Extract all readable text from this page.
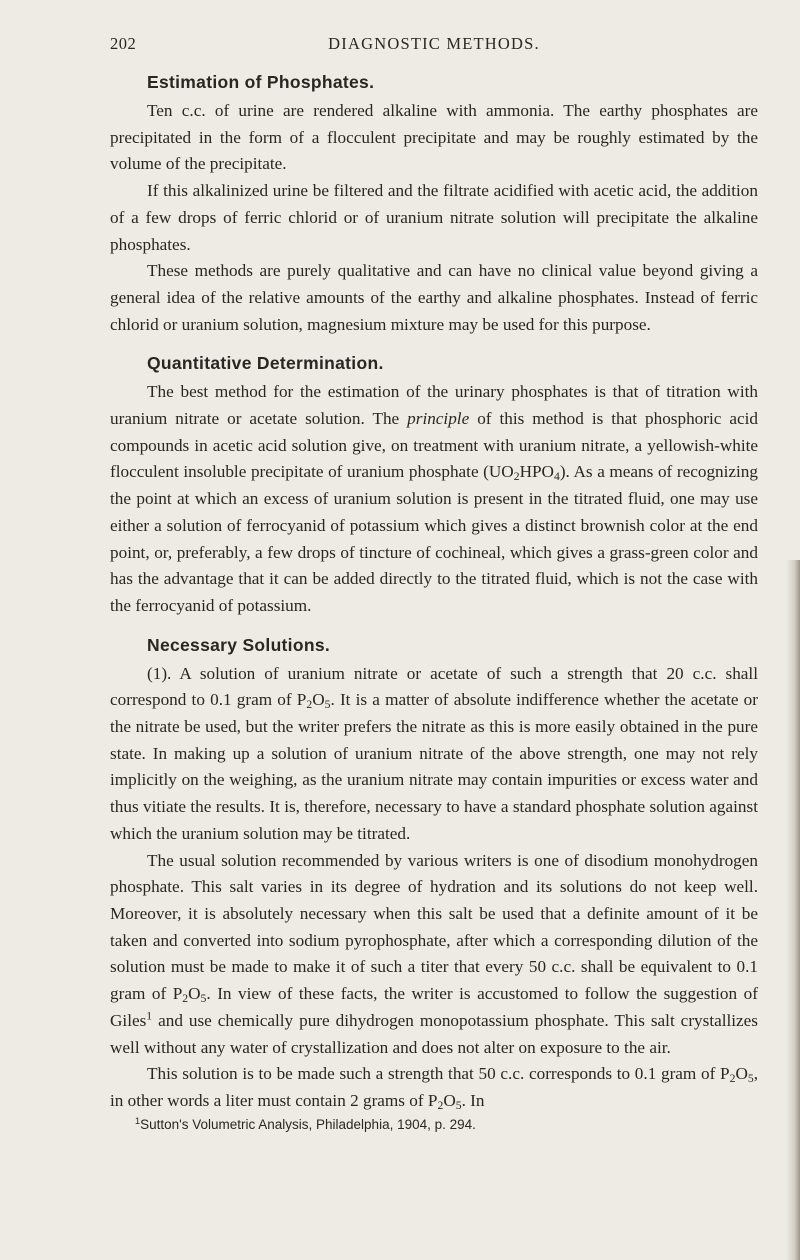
202	DIAGNOSTIC METHODS.
Estimation of Phosphates.

Ten c.c. of urine are rendered alkaline with ammonia. The earthy phosphates are precipitated in the form of a flocculent precipitate and may be roughly estimated by the volume of the precipitate.

If this alkalinized urine be filtered and the filtrate acidified with acetic acid, the addition of a few drops of ferric chlorid or of uranium nitrate solution will precipitate the alkaline phosphates.

These methods are purely qualitative and can have no clinical value beyond giving a general idea of the relative amounts of the earthy and alkaline phosphates. Instead of ferric chlorid or uranium solution, magnesium mixture may be used for this purpose.

Quantitative Determination.

The best method for the estimation of the urinary phosphates is that of titration with uranium nitrate or acetate solution. The principle of this method is that phosphoric acid compounds in acetic acid solution give, on treatment with uranium nitrate, a yellowish-white flocculent insoluble precipitate of uranium phosphate $(UO_2HPO_4)$. As a means of recognizing the point at which an excess of uranium solution is present in the titrated fluid, one may use either a solution of ferrocyanid of potassium which gives a distinct brownish color at the end point, or, preferably, a few drops of tincture of cochineal, which gives a grass-green color and has the advantage that it can be added directly to the titrated fluid, which is not the case with the ferrocyanid of potassium.

Necessary Solutions.

(1). A solution of uranium nitrate or acetate of such a strength that 20 c.c. shall correspond to 0.1 gram of $P_2O_5$. It is a matter of absolute indifference whether the acetate or the nitrate be used, but the writer prefers the nitrate as this is more easily obtained in the pure state. In making up a solution of uranium nitrate of the above strength, one may not rely implicitly on the weighing, as the uranium nitrate may contain impurities or excess water and thus vitiate the results. It is, therefore, necessary to have a standard phosphate solution against which the uranium solution may be titrated.

The usual solution recommended by various writers is one of disodium monohydrogen phosphate. This salt varies in its degree of hydration and its solutions do not keep well. Moreover, it is absolutely necessary when this salt be used that a definite amount of it be taken and converted into sodium pyrophosphate, after which a corresponding dilution of the solution must be made to make it of such a titer that every 50 c.c. shall be equivalent to 0.1 gram of $P_2O_5$. In view of these facts, the writer is accustomed to follow the suggestion of Giles$^1$ and use chemically pure dihydrogen monopotassium phosphate. This salt crystallizes well without any water of crystallization and does not alter on exposure to the air.

This solution is to be made such a strength that 50 c.c. corresponds to 0.1 gram of $P_2O_5$, in other words a liter must contain 2 grams of $P_2O_5$. In

$^1$Sutton's Volumetric Analysis, Philadelphia, 1904, p. 294.
